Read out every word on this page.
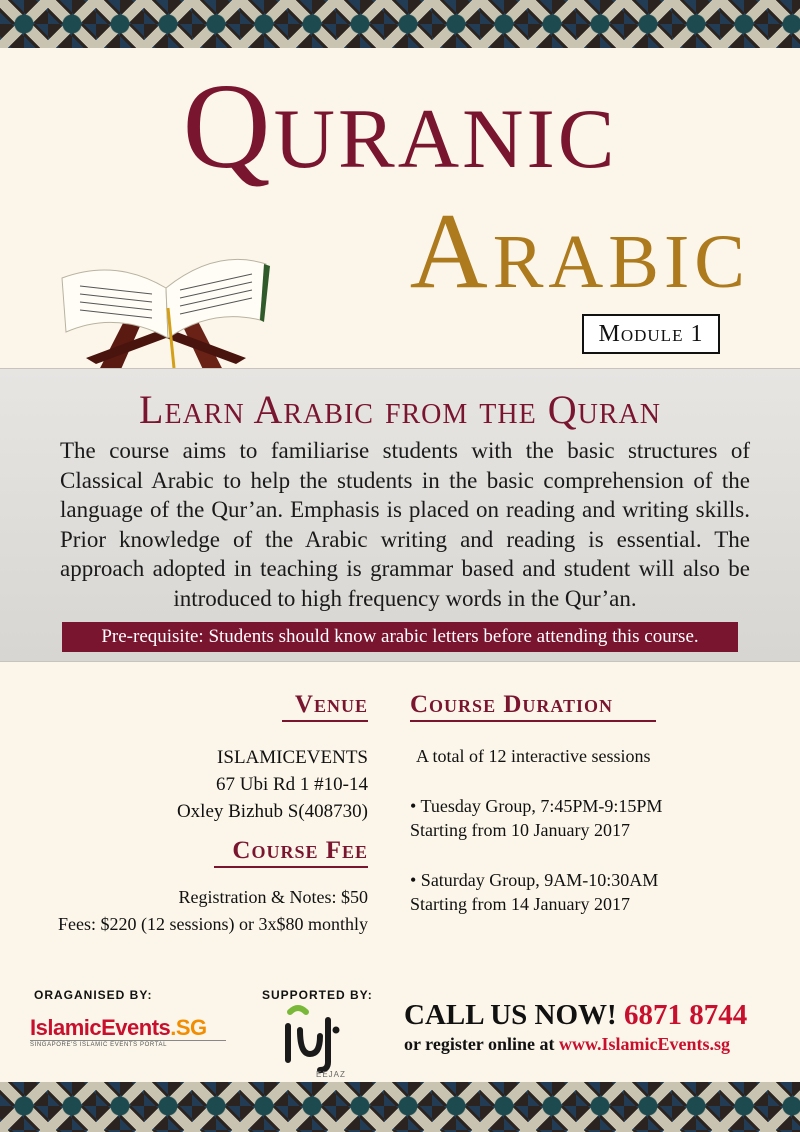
Quranic
Arabic
Module 1
Learn Arabic from the Quran
The course aims to familiarise students with the basic structures of Classical Arabic to help the students in the basic comprehension of the language of the Qur’an. Emphasis is placed on reading and writing skills. Prior knowledge of the Arabic writing and reading is essential. The approach adopted in teaching is grammar based and student will also be introduced to high frequency words in the Qur’an.
Pre-requisite: Students should know arabic letters before attending this course.
Venue
ISLAMICEVENTS
67 Ubi Rd 1 #10-14
Oxley Bizhub S(408730)
Course Fee
Registration & Notes: $50
Fees: $220 (12 sessions) or 3x$80 monthly
Course Duration
A total of 12 interactive sessions
• Tuesday Group, 7:45PM-9:15PM
Starting from 10 January 2017
• Saturday Group, 9AM-10:30AM
Starting from 14 January 2017
ORAGANISED BY:	SUPPORTED BY:
IslamicEvents.SG
SINGAPORE'S ISLAMIC EVENTS PORTAL
EEJAZ
CALL US NOW! 6871 8744
or register online at www.IslamicEvents.sg
